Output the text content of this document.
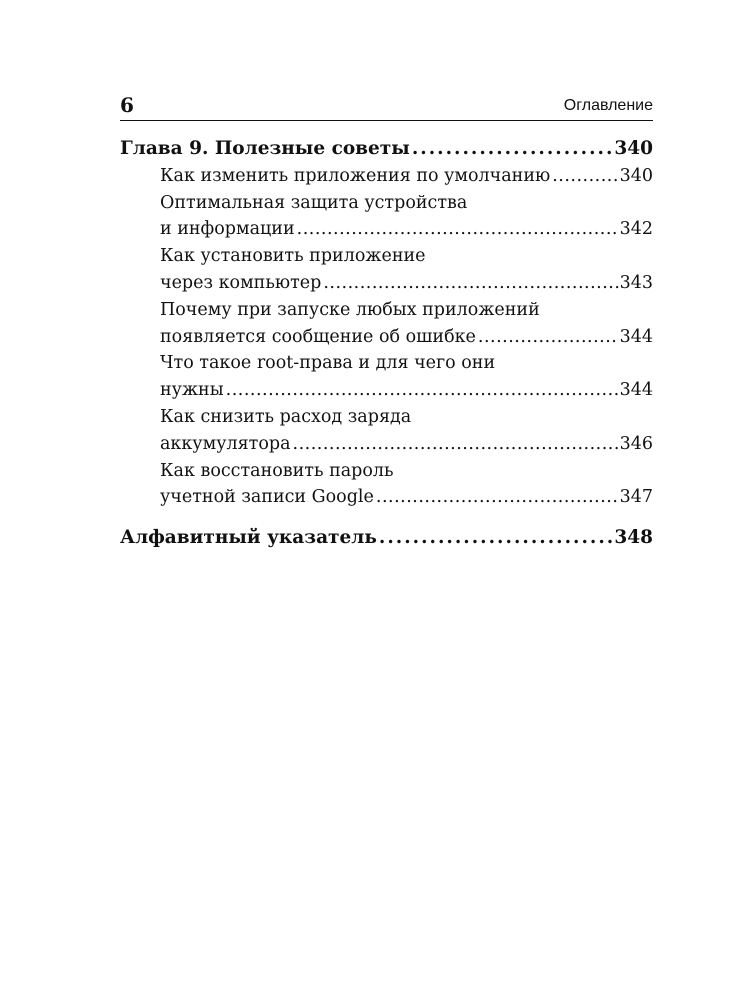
6	Оглавление
Глава 9. Полезные советы .....	340
Как изменить приложения по умолчанию .....	340
Оптимальная защита устройства
и информации .....	342
Как установить приложение
через компьютер .....	343
Почему при запуске любых приложений
появляется сообщение об ошибке .....	344
Что такое root-права и для чего они
нужны .....	344
Как снизить расход заряда
аккумулятора .....	346
Как восстановить пароль
учетной записи Google .....	347
Алфавитный указатель .....	348
